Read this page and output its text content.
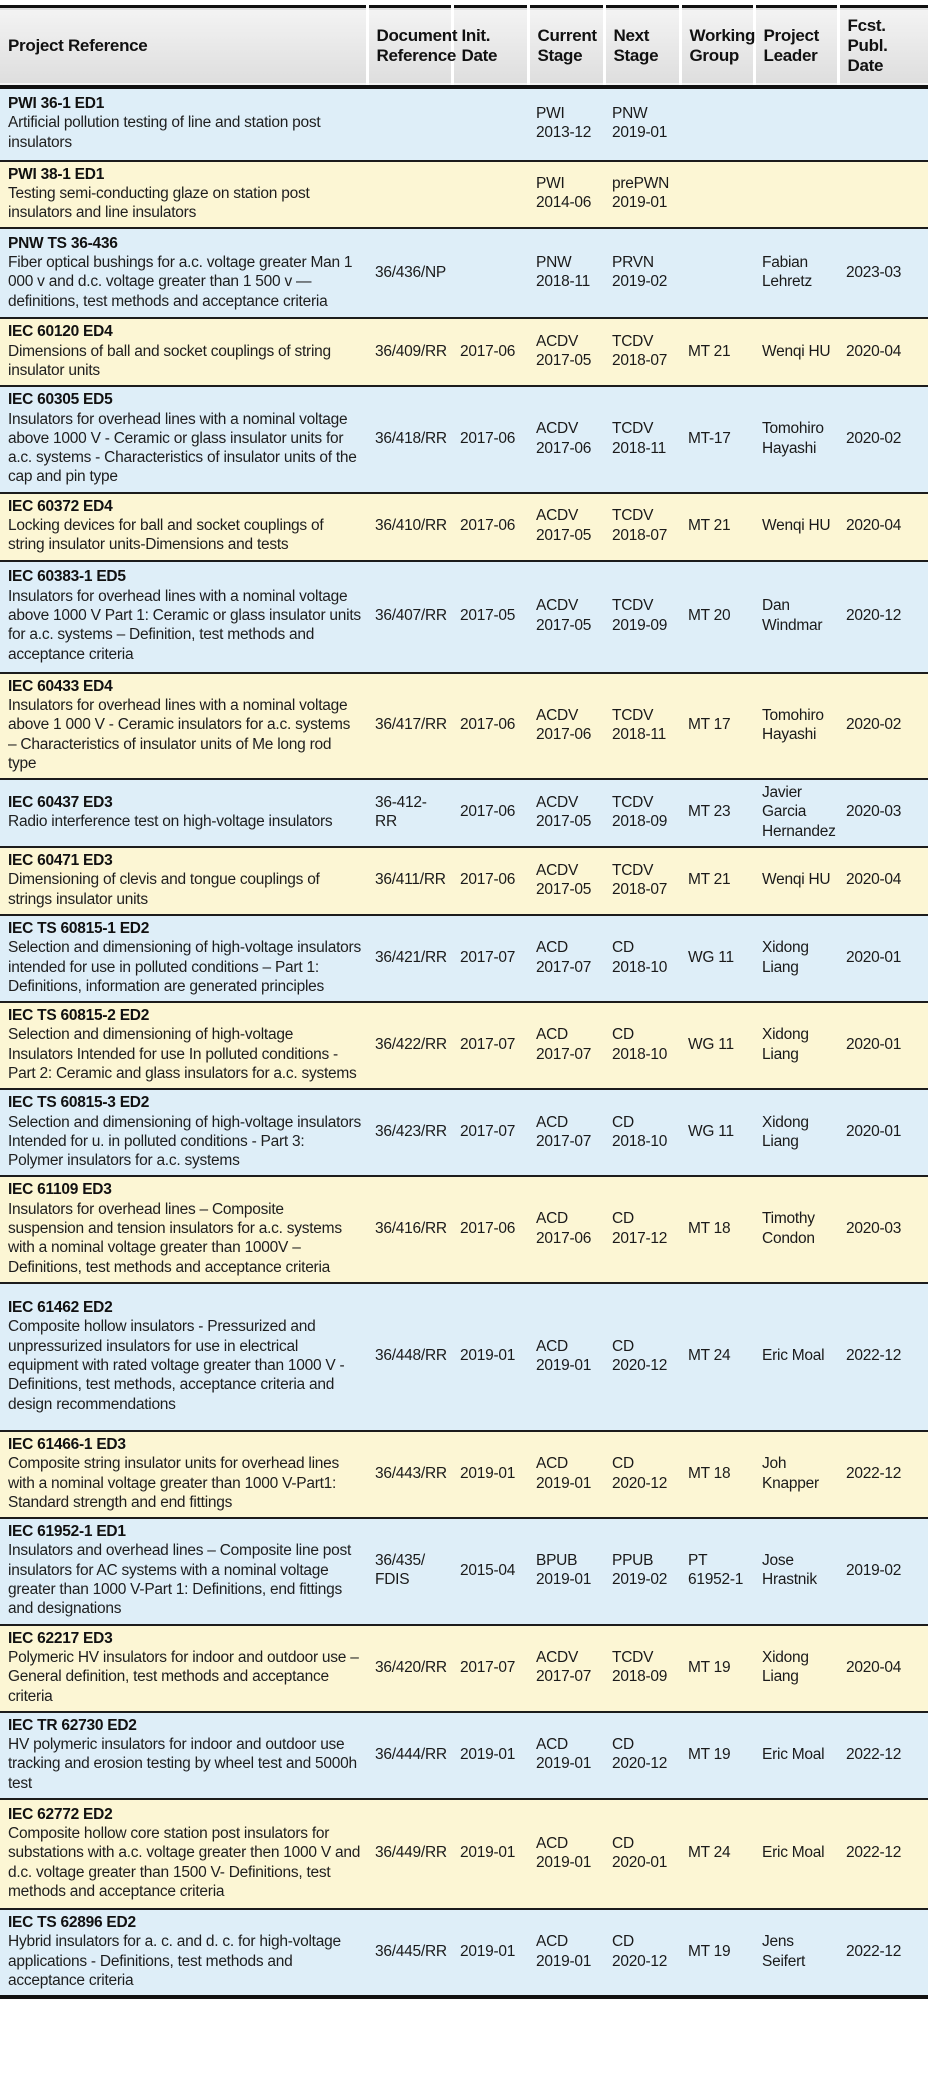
Project Reference	Document Reference	Init. Date	Current Stage	Next Stage	Working Group	Project Leader	Fcst. Publ. Date

PWI 36-1 ED1
Artificial pollution testing of line and station post insulators			PWI
2013-12	PNW
2019-01			

PWI 38-1 ED1
Testing semi-conducting glaze on station post insulators and line insulators			PWI
2014-06	prePWN
2019-01			

PNW TS 36-436
Fiber optical bushings for a.c. voltage greater Man 1 000 v and d.c. voltage greater than 1 500 v — definitions, test methods and acceptance criteria	36/436/NP		PNW
2018-11	PRVN
2019-02		Fabian Lehretz	2023-03

IEC 60120 ED4
Dimensions of ball and socket couplings of string insulator units	36/409/RR	2017-06	ACDV
2017-05	TCDV
2018-07	MT 21	Wenqi HU	2020-04

IEC 60305 ED5
Insulators for overhead lines with a nominal voltage above 1000 V - Ceramic or glass insulator units for a.c. systems - Characteristics of insulator units of the cap and pin type	36/418/RR	2017-06	ACDV
2017-06	TCDV
2018-11	MT-17	Tomohiro Hayashi	2020-02

IEC 60372 ED4
Locking devices for ball and socket couplings of string insulator units-Dimensions and tests	36/410/RR	2017-06	ACDV
2017-05	TCDV
2018-07	MT 21	Wenqi HU	2020-04

IEC 60383-1 ED5
Insulators for overhead lines with a nominal voltage above 1000 V Part 1: Ceramic or glass insulator units for a.c. systems – Definition, test methods and acceptance criteria	36/407/RR	2017-05	ACDV
2017-05	TCDV
2019-09	MT 20	Dan Windmar	2020-12

IEC 60433 ED4
Insulators for overhead lines with a nominal voltage above 1 000 V - Ceramic insulators for a.c. systems – Characteristics of insulator units of Me long rod type	36/417/RR	2017-06	ACDV
2017-06	TCDV
2018-11	MT 17	Tomohiro Hayashi	2020-02

IEC 60437 ED3
Radio interference test on high-voltage insulators	36-412-RR	2017-06	ACDV
2017-05	TCDV
2018-09	MT 23	Javier Garcia Hernandez	2020-03

IEC 60471 ED3
Dimensioning of clevis and tongue couplings of strings insulator units	36/411/RR	2017-06	ACDV
2017-05	TCDV
2018-07	MT 21	Wenqi HU	2020-04

IEC TS 60815-1 ED2
Selection and dimensioning of high-voltage insulators intended for use in polluted conditions – Part 1: Definitions, information are generated principles	36/421/RR	2017-07	ACD
2017-07	CD
2018-10	WG 11	Xidong Liang	2020-01

IEC TS 60815-2 ED2
Selection and dimensioning of high-voltage Insulators Intended for use In polluted conditions - Part 2: Ceramic and glass insulators for a.c. systems	36/422/RR	2017-07	ACD
2017-07	CD
2018-10	WG 11	Xidong Liang	2020-01

IEC TS 60815-3 ED2
Selection and dimensioning of high-voltage insulators Intended for u. in polluted conditions - Part 3: Polymer insulators for a.c. systems	36/423/RR	2017-07	ACD
2017-07	CD
2018-10	WG 11	Xidong Liang	2020-01

IEC 61109 ED3
Insulators for overhead lines – Composite suspension and tension insulators for a.c. systems with a nominal voltage greater than 1000V –Definitions, test methods and acceptance criteria	36/416/RR	2017-06	ACD
2017-06	CD
2017-12	MT 18	Timothy Condon	2020-03

IEC 61462 ED2
Composite hollow insulators - Pressurized and unpressurized insulators for use in electrical equipment with rated voltage greater than 1000 V - Definitions, test methods, acceptance criteria and design recommendations	36/448/RR	2019-01	ACD
2019-01	CD
2020-12	MT 24	Eric Moal	2022-12

IEC 61466-1 ED3
Composite string insulator units for overhead lines with a nominal voltage greater than 1000 V-Part1: Standard strength and end fittings	36/443/RR	2019-01	ACD
2019-01	CD
2020-12	MT 18	Joh Knapper	2022-12

IEC 61952-1 ED1
Insulators and overhead lines – Composite line post insulators for AC systems with a nominal voltage greater than 1000 V-Part 1: Definitions, end fittings and designations	36/435/ FDIS	2015-04	BPUB
2019-01	PPUB
2019-02	PT 61952-1	Jose Hrastnik	2019-02

IEC 62217 ED3
Polymeric HV insulators for indoor and outdoor use – General definition, test methods and acceptance criteria	36/420/RR	2017-07	ACDV
2017-07	TCDV
2018-09	MT 19	Xidong Liang	2020-04

IEC TR 62730 ED2
HV polymeric insulators for indoor and outdoor use tracking and erosion testing by wheel test and 5000h test	36/444/RR	2019-01	ACD
2019-01	CD
2020-12	MT 19	Eric Moal	2022-12

IEC 62772 ED2
Composite hollow core station post insulators for substations with a.c. voltage greater then 1000 V and d.c. voltage greater than 1500 V- Definitions, test methods and acceptance criteria	36/449/RR	2019-01	ACD
2019-01	CD
2020-01	MT 24	Eric Moal	2022-12

IEC TS 62896 ED2
Hybrid insulators for a. c. and d. c. for high-voltage applications - Definitions, test methods and acceptance criteria	36/445/RR	2019-01	ACD
2019-01	CD
2020-12	MT 19	Jens Seifert	2022-12
